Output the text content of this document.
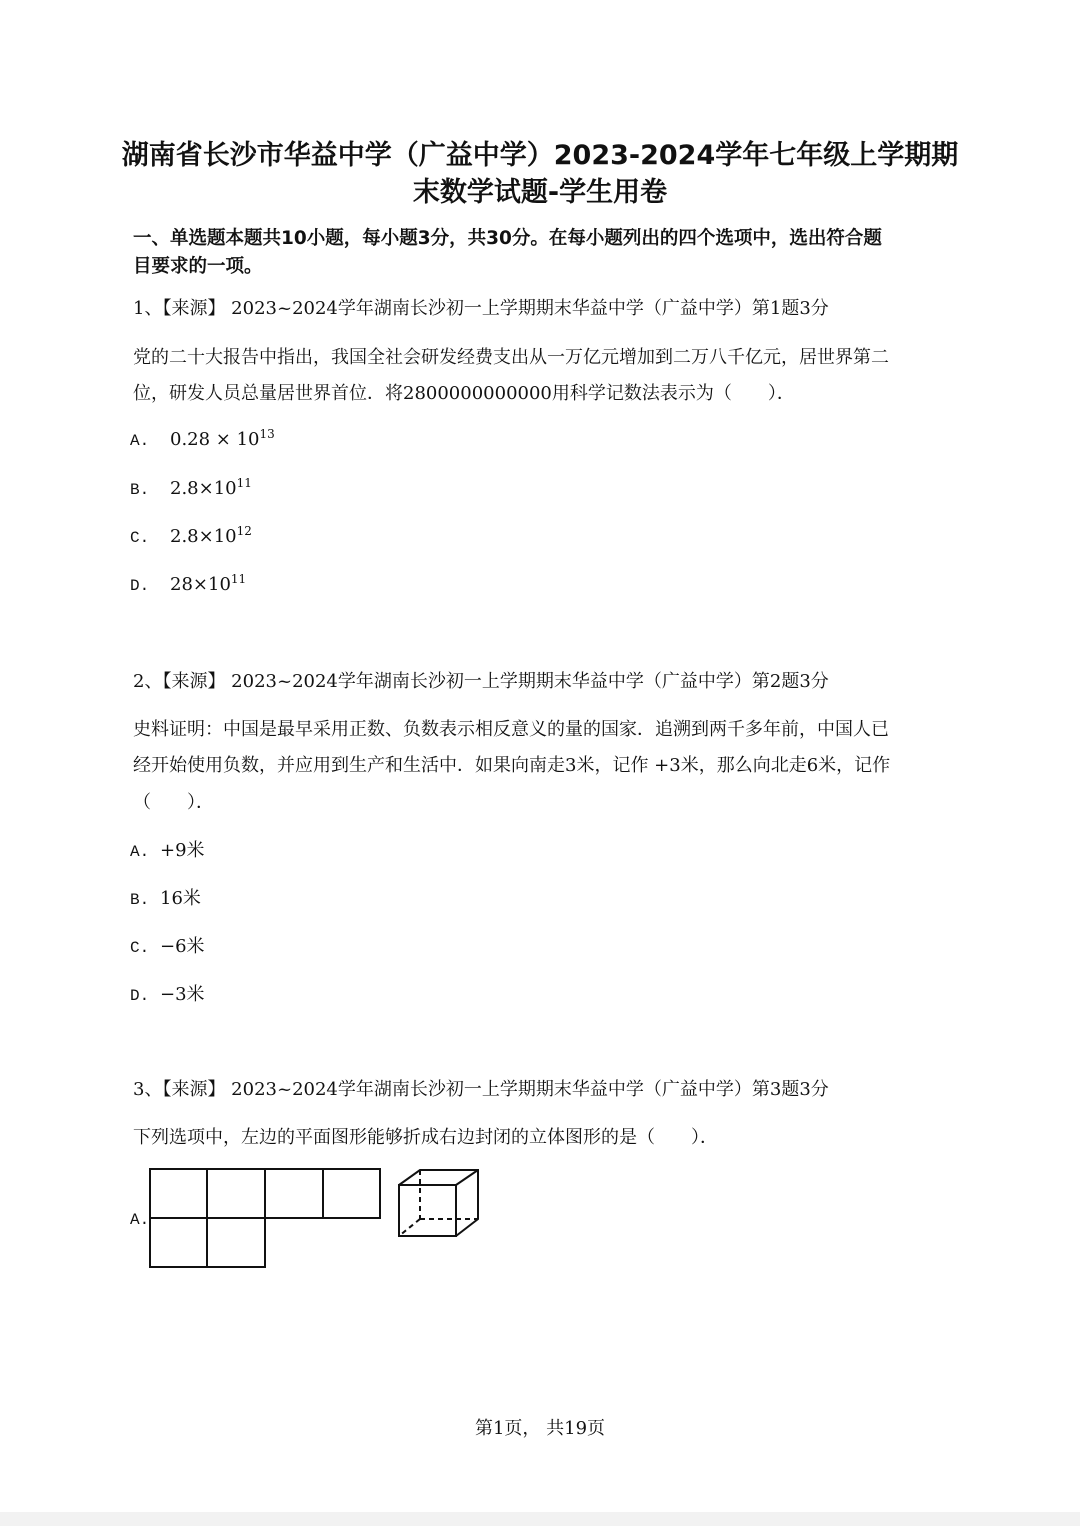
湖南省长沙市华益中学（广益中学）2023-2024学年七年级上学期期
末数学试题-学生用卷
一、单选题本题共10小题，每小题3分，共30分。在每小题列出的四个选项中，选出符合题
目要求的一项。
1、【来源】 2023~2024学年湖南长沙初一上学期期末华益中学（广益中学）第1题3分
党的二十大报告中指出，我国全社会研发经费支出从一万亿元增加到二万八千亿元，居世界第二
位，研发人员总量居世界首位．将2800000000000用科学记数法表示为（　　）．
A. $0.28 \times 10^{13}$
B. $2.8\times 10^{11}$
C. $2.8\times 10^{12}$
D. $28\times 10^{11}$
2、【来源】 2023~2024学年湖南长沙初一上学期期末华益中学（广益中学）第2题3分
史料证明：中国是最早采用正数、负数表示相反意义的量的国家．追溯到两千多年前，中国人已
经开始使用负数，并应用到生产和生活中．如果向南走3米，记作 +3米，那么向北走6米，记作
（　　）．
A. +9米
B. 16米
C. −6米
D. −3米
3、【来源】 2023~2024学年湖南长沙初一上学期期末华益中学（广益中学）第3题3分
下列选项中，左边的平面图形能够折成右边封闭的立体图形的是（　　）．
A.
第1页， 共19页
